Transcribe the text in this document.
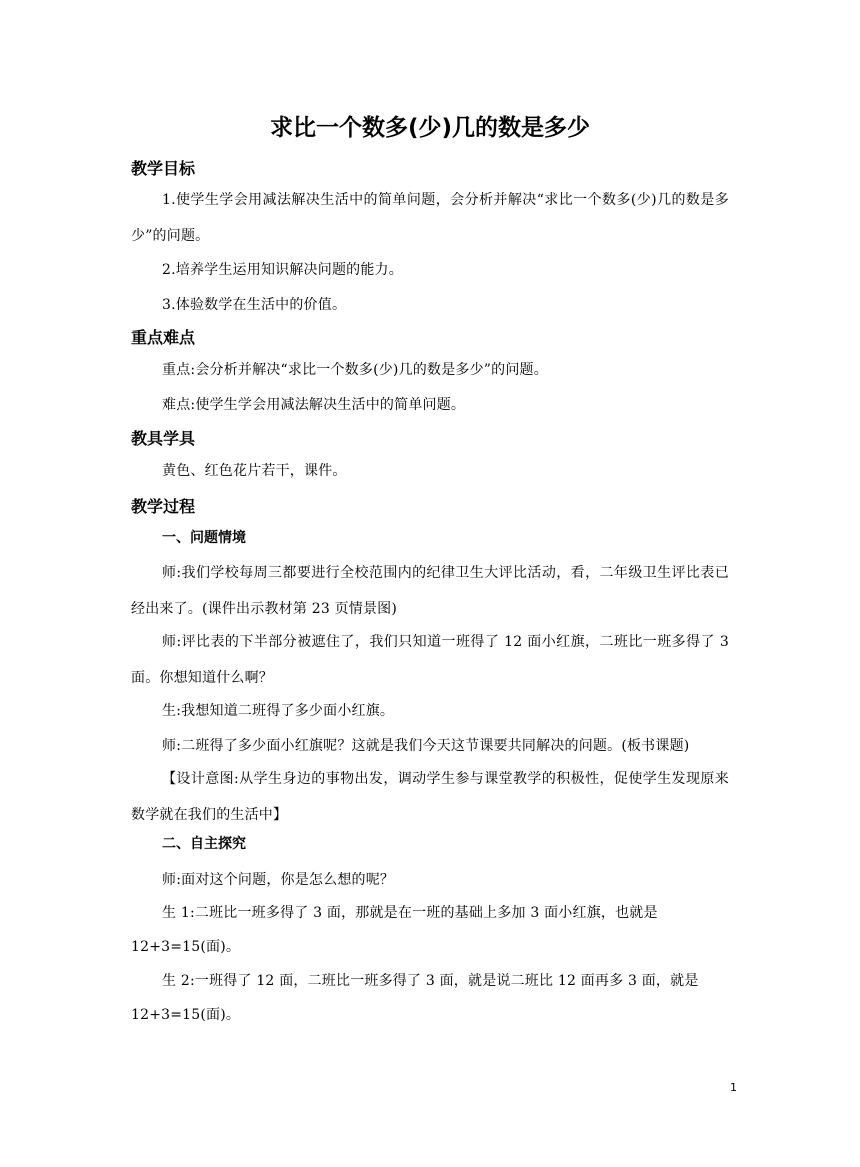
求比一个数多(少)几的数是多少
教学目标

1.使学生学会用减法解决生活中的简单问题，会分析并解决“求比一个数多(少)几的数是多少”的问题。

2.培养学生运用知识解决问题的能力。

3.体验数学在生活中的价值。

重点难点

重点:会分析并解决“求比一个数多(少)几的数是多少”的问题。

难点:使学生学会用减法解决生活中的简单问题。

教具学具

黄色、红色花片若干，课件。

教学过程
一、问题情境

师:我们学校每周三都要进行全校范围内的纪律卫生大评比活动，看，二年级卫生评比表已经出来了。(课件出示教材第 23 页情景图)

师:评比表的下半部分被遮住了，我们只知道一班得了 12 面小红旗，二班比一班多得了 3 面。你想知道什么啊？

生:我想知道二班得了多少面小红旗。

师:二班得了多少面小红旗呢？这就是我们今天这节课要共同解决的问题。(板书课题)

【设计意图:从学生身边的事物出发，调动学生参与课堂教学的积极性，促使学生发现原来数学就在我们的生活中】

二、自主探究

师:面对这个问题，你是怎么想的呢？

生 1:二班比一班多得了 3 面，那就是在一班的基础上多加 3 面小红旗，也就是

12+3=15(面)。

生 2:一班得了 12 面，二班比一班多得了 3 面，就是说二班比 12 面再多 3 面，就是

12+3=15(面)。

1
